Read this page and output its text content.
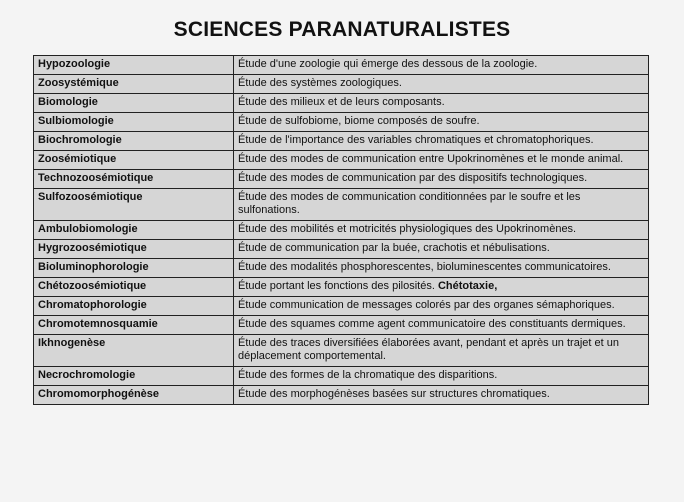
SCIENCES PARANATURALISTES
Hypozoologie	Étude d'une zoologie qui émerge des dessous de la zoologie.
Zoosystémique	Étude des systèmes zoologiques.
Biomologie	Étude des milieux et de leurs composants.
Sulbiomologie	Étude de sulfobiome, biome composés de soufre.
Biochromologie	Étude de l'importance des variables chromatiques et chromatophoriques.
Zoosémiotique	Étude des modes de communication entre Upokrinomènes et le monde animal.
Technozoosémiotique	Étude des modes de communication par des dispositifs technologiques.
Sulfozoosémiotique	Étude des modes de communication conditionnées par le soufre et les sulfonations.
Ambulobiomologie	Étude des mobilités et motricités physiologiques des Upokrinomènes.
Hygrozoosémiotique	Étude de communication par la buée, crachotis et nébulisations.
Bioluminophorologie	Étude des modalités phosphorescentes, bioluminescentes communicatoires.
Chétozoosémiotique	Étude portant les fonctions des pilosités. Chétotaxie,
Chromatophorologie	Étude communication de messages colorés par des organes sémaphoriques.
Chromotemnosquamie	Étude des squames comme agent communicatoire des constituants dermiques.
Ikhnogenèse	Étude des traces diversifiées élaborées avant, pendant et après un trajet et un déplacement comportemental.
Necrochromologie	Étude des formes de la chromatique des disparitions.
Chromomorphogénèse	Étude des morphogénèses basées sur structures chromatiques.
